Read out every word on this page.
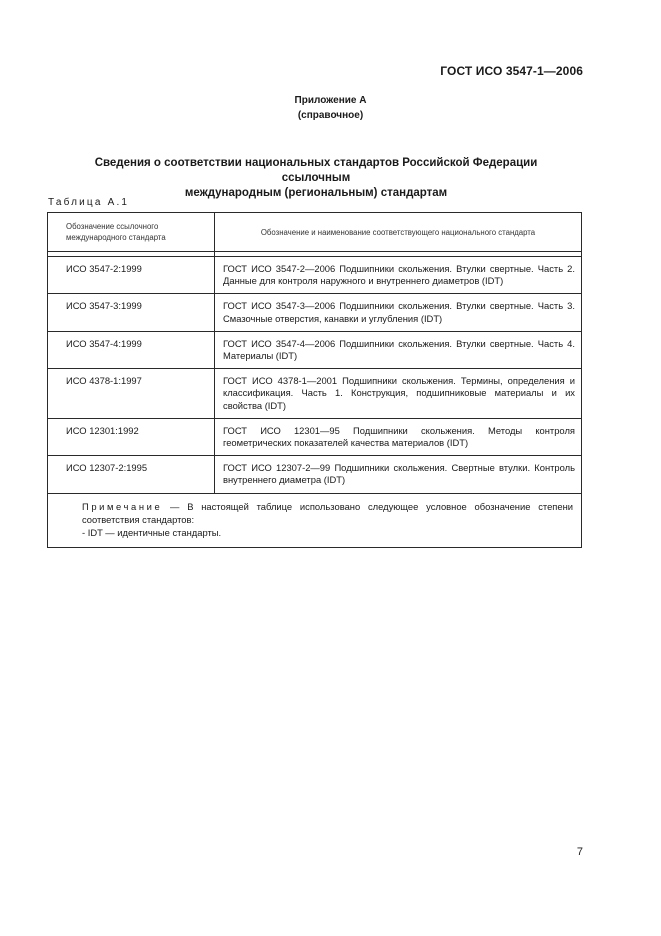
ГОСТ ИСО 3547-1—2006
Приложение А
(справочное)
Сведения о соответствии национальных стандартов Российской Федерации ссылочным
международным (региональным) стандартам
Таблица А.1
Обозначение ссылочного международного стандарта	Обозначение и наименование соответствующего национального стандарта

ИСО 3547-2:1999	ГОСТ ИСО 3547-2—2006 Подшипники скольжения. Втулки свертные. Часть 2. Данные для контроля наружного и внутреннего диаметров (IDT)
ИСО 3547-3:1999	ГОСТ ИСО 3547-3—2006 Подшипники скольжения. Втулки свертные. Часть 3. Смазочные отверстия, канавки и углубления (IDT)
ИСО 3547-4:1999	ГОСТ ИСО 3547-4—2006 Подшипники скольжения. Втулки свертные. Часть 4. Материалы (IDT)
ИСО 4378-1:1997	ГОСТ ИСО 4378-1—2001 Подшипники скольжения. Термины, определения и классификация. Часть 1. Конструкция, подшипниковые материалы и их свойства (IDT)
ИСО 12301:1992	ГОСТ ИСО 12301—95 Подшипники скольжения. Методы контроля геометрических показателей качества материалов (IDT)
ИСО 12307-2:1995	ГОСТ ИСО 12307-2—99 Подшипники скольжения. Свертные втулки. Контроль внутреннего диаметра (IDT)

Примечание — В настоящей таблице использовано следующее условное обозначение степени соответствия стандартов:
- IDT — идентичные стандарты.	
7
